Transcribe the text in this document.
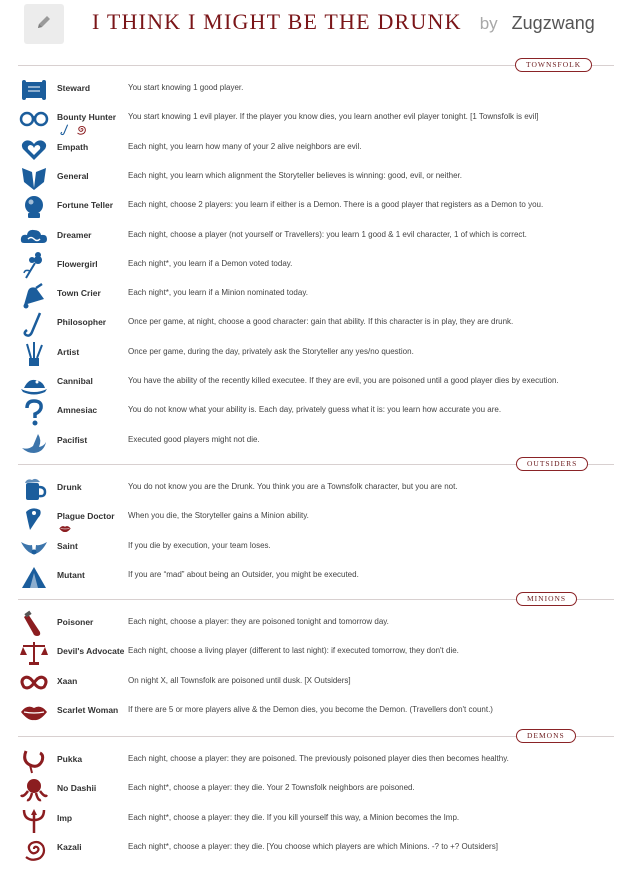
I THINK I MIGHT BE THE DRUNK by Zugzwang
TOWNSFOLK
Steward	You start knowing 1 good player.
Bounty Hunter You start knowing 1 evil player. If the player you know dies, you learn another evil player tonight. [1 Townsfolk is evil]
Empath	Each night, you learn how many of your 2 alive neighbors are evil.
General	Each night, you learn which alignment the Storyteller believes is winning: good, evil, or neither.
Fortune Teller Each night, choose 2 players: you learn if either is a Demon. There is a good player that registers as a Demon to you.
Dreamer	Each night, choose a player (not yourself or Travellers): you learn 1 good & 1 evil character, 1 of which is correct.
Flowergirl	Each night*, you learn if a Demon voted today.
Town Crier	Each night*, you learn if a Minion nominated today.
Philosopher	Once per game, at night, choose a good character: gain that ability. If this character is in play, they are drunk.
Artist	Once per game, during the day, privately ask the Storyteller any yes/no question.
Cannibal	You have the ability of the recently killed executee. If they are evil, you are poisoned until a good player dies by execution.
Amnesiac	You do not know what your ability is. Each day, privately guess what it is: you learn how accurate you are.
Pacifist	Executed good players might not die.
OUTSIDERS
Drunk	You do not know you are the Drunk. You think you are a Townsfolk character, but you are not.
Plague Doctor When you die, the Storyteller gains a Minion ability.
Saint	If you die by execution, your team loses.
Mutant	If you are “mad” about being an Outsider, you might be executed.
MINIONS
Poisoner	Each night, choose a player: they are poisoned tonight and tomorrow day.
Devil's Advocate Each night, choose a living player (different to last night): if executed tomorrow, they don't die.
Xaan	On night X, all Townsfolk are poisoned until dusk. [X Outsiders]
Scarlet Woman If there are 5 or more players alive & the Demon dies, you become the Demon. (Travellers don't count.)
DEMONS
Pukka	Each night, choose a player: they are poisoned. The previously poisoned player dies then becomes healthy.
No Dashii	Each night*, choose a player: they die. Your 2 Townsfolk neighbors are poisoned.
Imp	Each night*, choose a player: they die. If you kill yourself this way, a Minion becomes the Imp.
Kazali	Each night*, choose a player: they die. [You choose which players are which Minions. -? to +? Outsiders]
